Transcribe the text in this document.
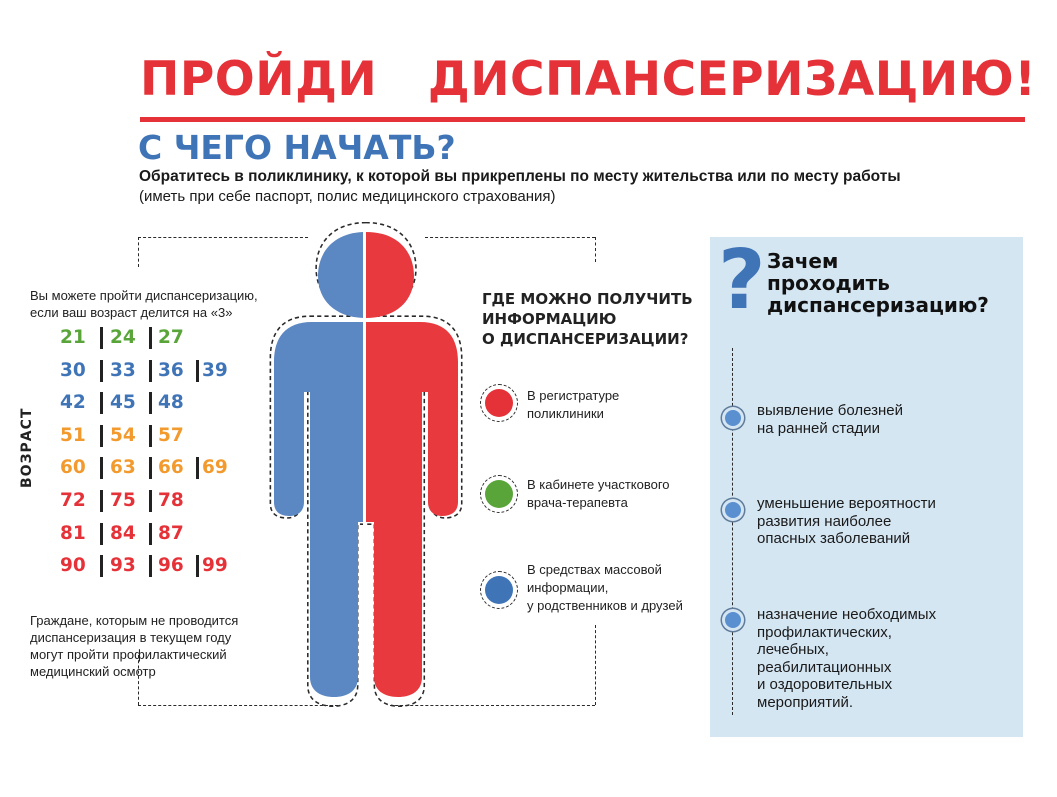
ПРОЙДИ   ДИСПАНСЕРИЗАЦИЮ!
С ЧЕГО НАЧАТЬ?
Обратитесь в поликлинику, к которой вы прикреплены по месту жительства или по месту работы
(иметь при себе паспорт, полис медицинского страхования)
Вы можете пройти диспансеризацию,
если ваш возраст делится на «3»
ВОЗРАСТ
21 24 27
30 33 36 39
42 45 48
51 54 57
60 63 66 69
72 75 78
81 84 87
90 93 96 99
Граждане, которым не проводится
диспансеризация в текущем году
могут пройти профилактический
медицинский осмотр
ГДЕ МОЖНО ПОЛУЧИТЬ
ИНФОРМАЦИЮ
О ДИСПАНСЕРИЗАЦИИ?
В регистратуре
поликлиники
В кабинете участкового
врача-терапевта
В средствах массовой
информации,
у родственников и друзей
? Зачем
проходить
диспансеризацию?
выявление болезней
на ранней стадии
уменьшение вероятности
развития наиболее
опасных заболеваний
назначение необходимых
профилактических,
лечебных,
реабилитационных
и оздоровительных
мероприятий.
